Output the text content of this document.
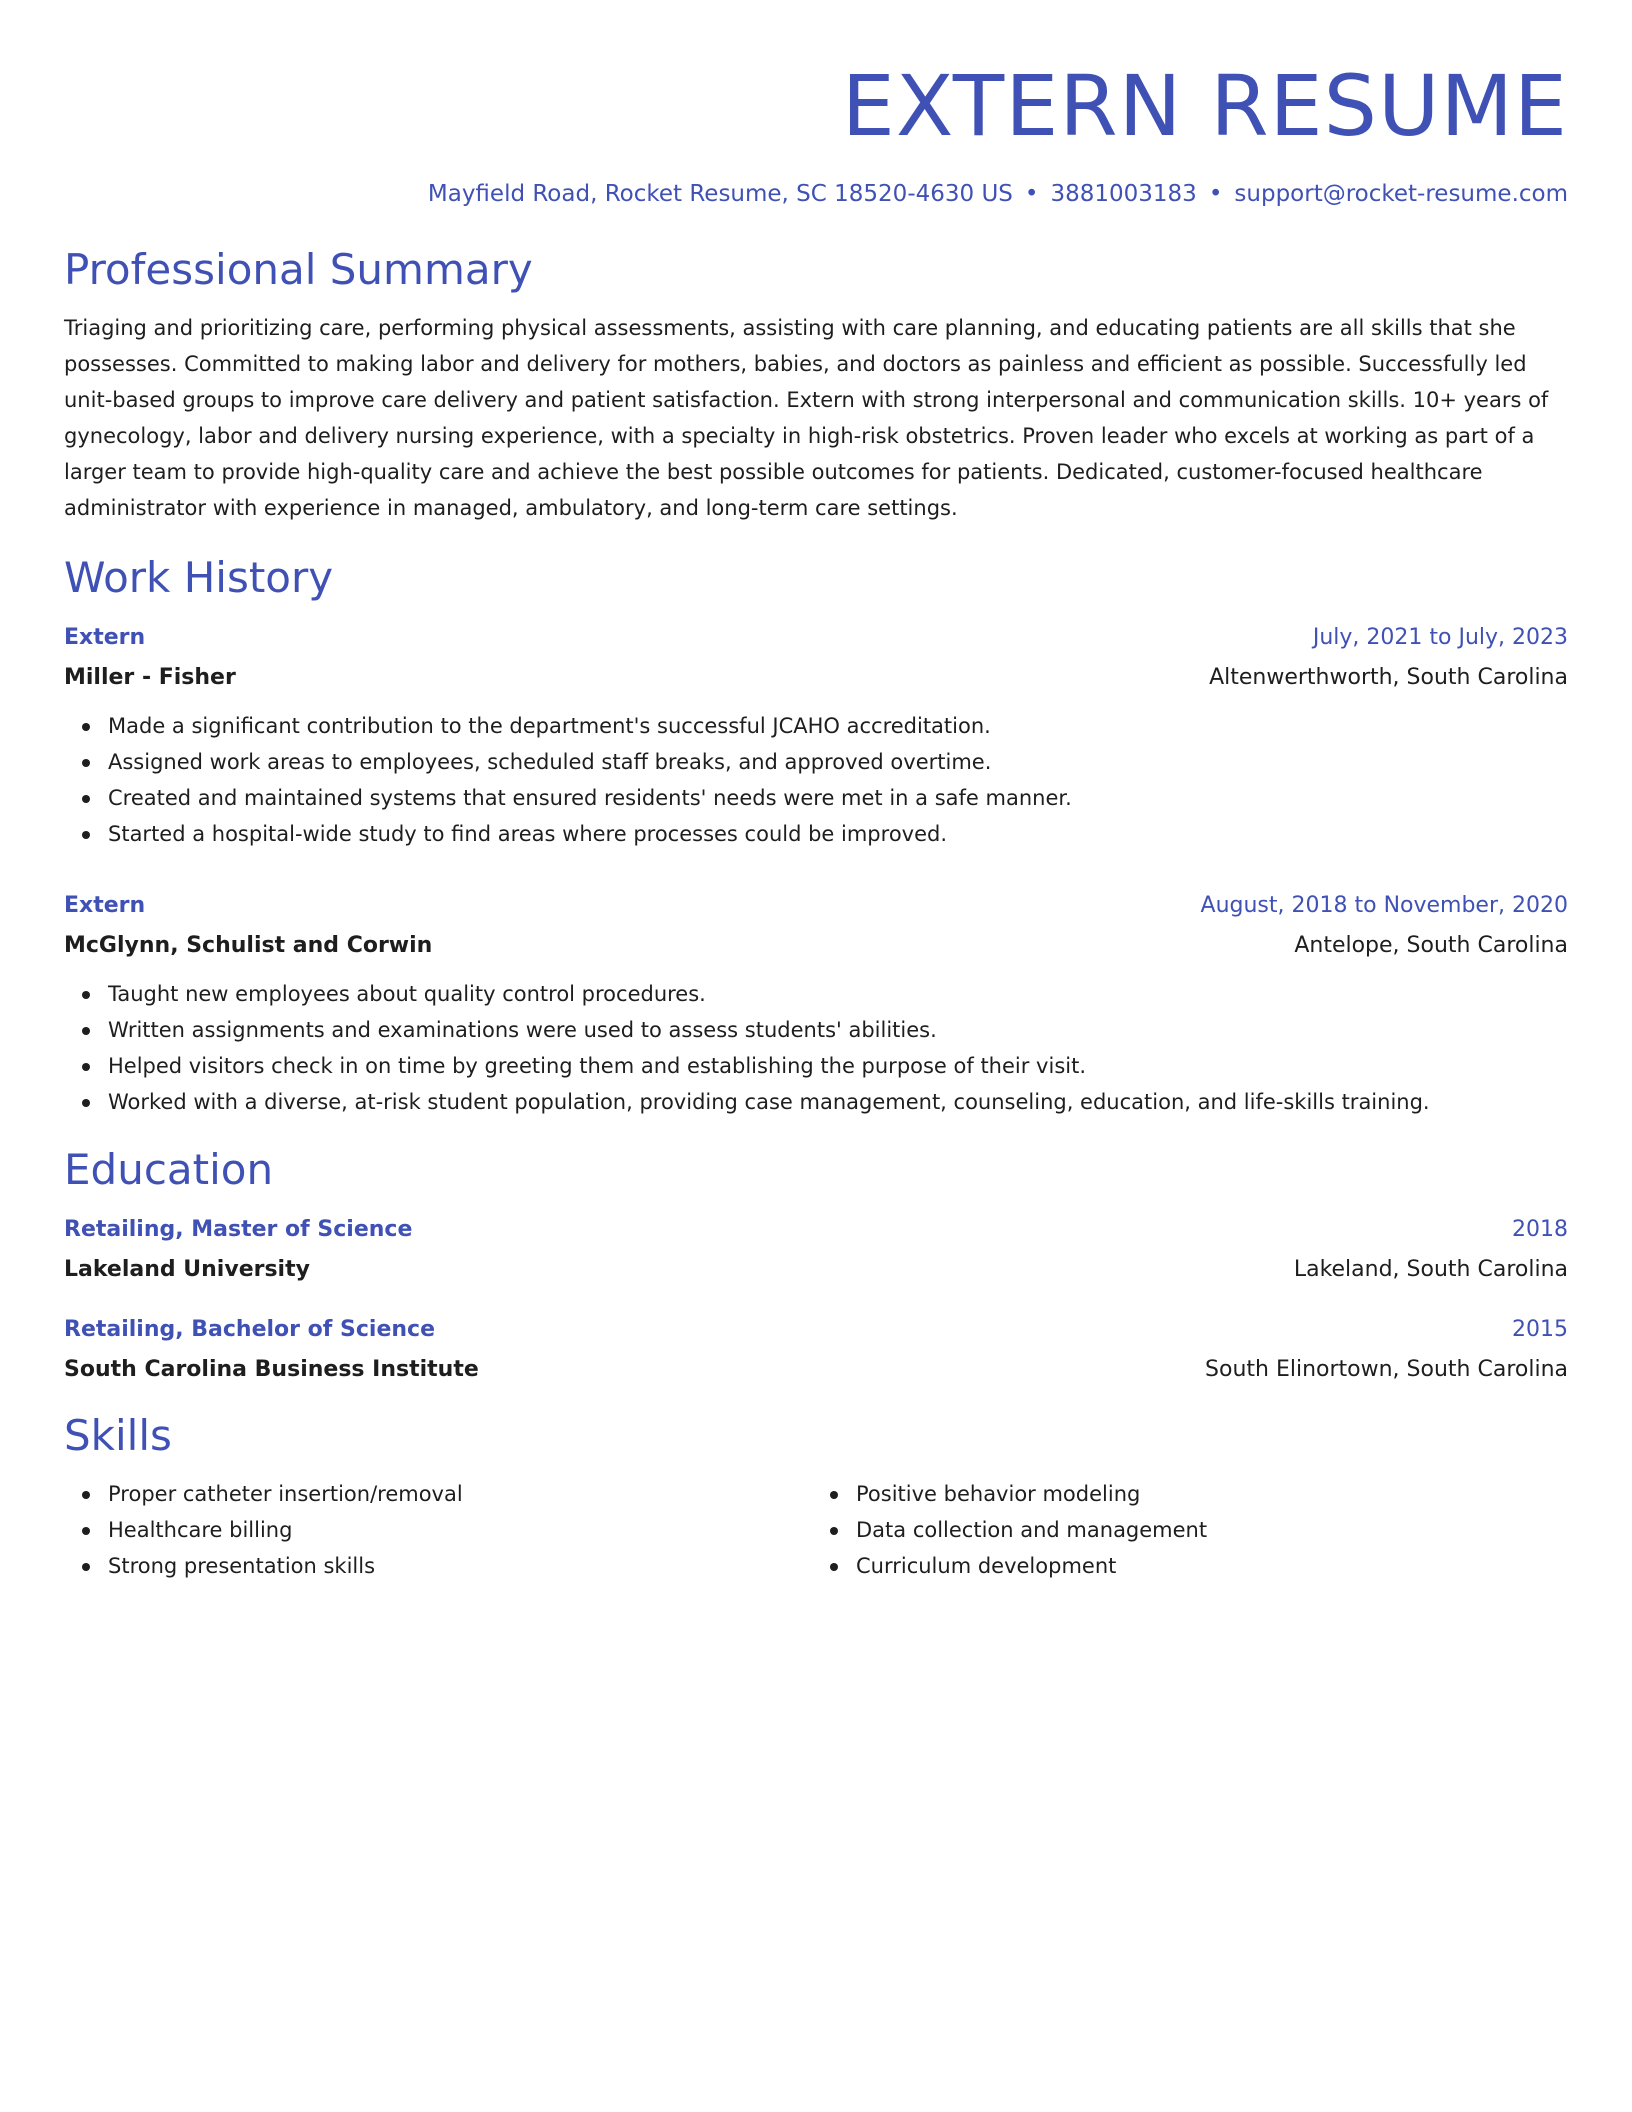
EXTERN RESUME
Mayfield Road, Rocket Resume, SC 18520-4630 US • 3881003183 • support@rocket-resume.com
Professional Summary

Triaging and prioritizing care, performing physical assessments, assisting with care planning, and educating patients are all skills that she possesses. Committed to making labor and delivery for mothers, babies, and doctors as painless and efficient as possible. Successfully led unit-based groups to improve care delivery and patient satisfaction. Extern with strong interpersonal and communication skills. 10+ years of gynecology, labor and delivery nursing experience, with a specialty in high-risk obstetrics. Proven leader who excels at working as part of a larger team to provide high-quality care and achieve the best possible outcomes for patients. Dedicated, customer-focused healthcare administrator with experience in managed, ambulatory, and long-term care settings.

Work History
Extern	July, 2021 to July, 2023
Miller - Fisher	Altenwerthworth, South Carolina
Made a significant contribution to the department's successful JCAHO accreditation.
Assigned work areas to employees, scheduled staff breaks, and approved overtime.
Created and maintained systems that ensured residents' needs were met in a safe manner.
Started a hospital-wide study to find areas where processes could be improved.
Extern	August, 2018 to November, 2020
McGlynn, Schulist and Corwin	Antelope, South Carolina
Taught new employees about quality control procedures.
Written assignments and examinations were used to assess students' abilities.
Helped visitors check in on time by greeting them and establishing the purpose of their visit.
Worked with a diverse, at-risk student population, providing case management, counseling, education, and life-skills training.
Education
Retailing, Master of Science	2018
Lakeland University	Lakeland, South Carolina
Retailing, Bachelor of Science	2015
South Carolina Business Institute	South Elinortown, South Carolina
Skills
Proper catheter insertion/removal
Healthcare billing
Strong presentation skills
Positive behavior modeling
Data collection and management
Curriculum development
